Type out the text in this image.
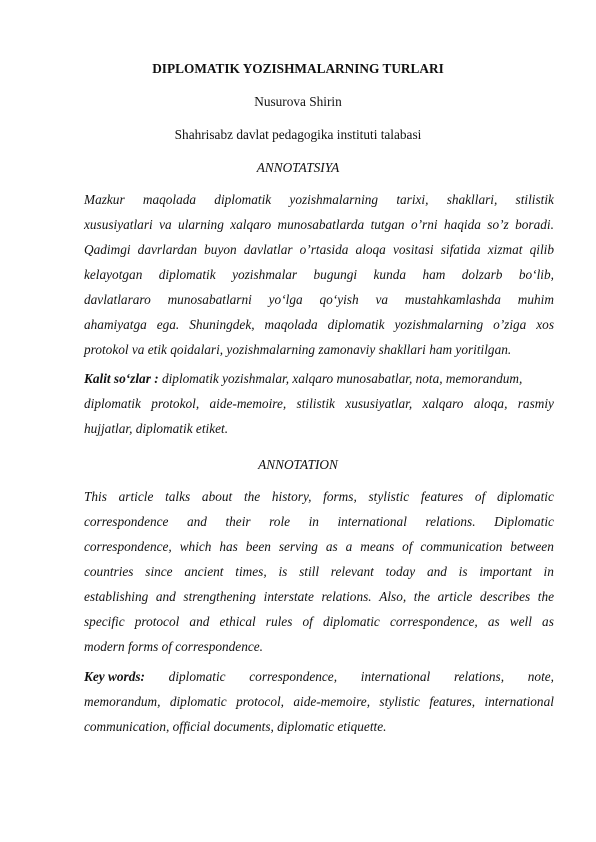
DIPLOMATIK YOZISHMALARNING TURLARI
Nusurova Shirin
Shahrisabz davlat pedagogika instituti talabasi
ANNOTATSIYA
Mazkur maqolada diplomatik yozishmalarning tarixi, shakllari, stilistik
xususiyatlari va ularning xalqaro munosabatlarda tutgan o’rni haqida so’z boradi.
Qadimgi davrlardan buyon davlatlar o’rtasida aloqa vositasi sifatida xizmat qilib
kelayotgan diplomatik yozishmalar bugungi kunda ham dolzarb bo‘lib,
davlatlararo munosabatlarni yo‘lga qo‘yish va mustahkamlashda muhim
ahamiyatga ega. Shuningdek, maqolada diplomatik yozishmalarning o’ziga xos
protokol va etik qoidalari, yozishmalarning zamonaviy shakllari ham yoritilgan.
Kalit so‘zlar : diplomatik yozishmalar, xalqaro munosabatlar, nota, memorandum,
diplomatik protokol, aide-memoire, stilistik xususiyatlar, xalqaro aloqa, rasmiy
hujjatlar, diplomatik etiket.
ANNOTATION
This article talks about the history, forms, stylistic features of diplomatic
correspondence and their role in international relations. Diplomatic
correspondence, which has been serving as a means of communication between
countries since ancient times, is still relevant today and is important in
establishing and strengthening interstate relations. Also, the article describes the
specific protocol and ethical rules of diplomatic correspondence, as well as
modern forms of correspondence.
Key words: diplomatic correspondence, international relations, note,
memorandum, diplomatic protocol, aide-memoire, stylistic features, international
communication, official documents, diplomatic etiquette.
